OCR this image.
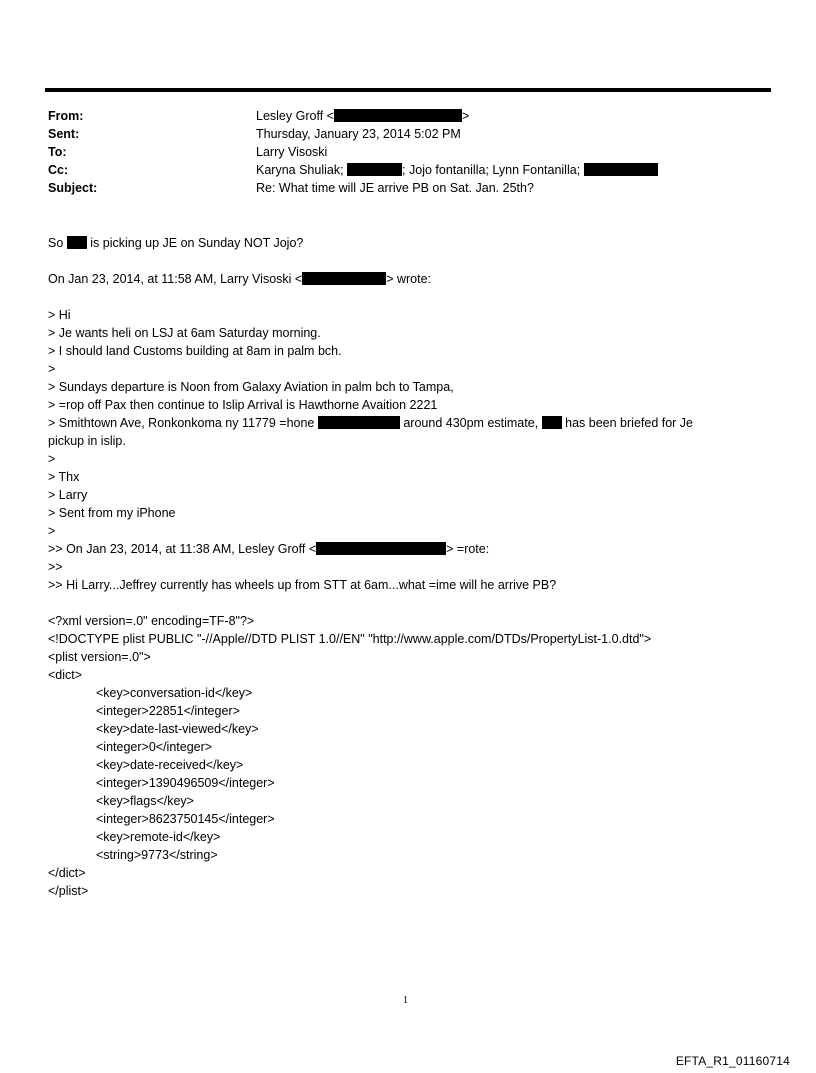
From:	Lesley Groff <	>
Sent:	Thursday, January 23, 2014 5:02 PM
To:	Larry Visoski
Cc:	Karyna Shuliak;	; Jojo fontanilla; Lynn Fontanilla;
Subject:	Re: What time will JE arrive PB on Sat. Jan. 25th?
So is picking up JE on Sunday NOT Jojo?
On Jan 23, 2014, at 11:58 AM, Larry Visoski <	> wrote:
> Hi
> Je wants heli on LSJ at 6am Saturday morning.
> I should land Customs building at 8am in palm bch.
>
> Sundays departure is Noon from Galaxy Aviation in palm bch to Tampa,
> =rop off Pax then continue to Islip Arrival is Hawthorne Avaition 2221
> Smithtown Ave, Ronkonkoma ny 11779 =hone	around 430pm estimate, has been briefed for Je
pickup in islip.
>
> Thx
> Larry
> Sent from my iPhone
>
>> On Jan 23, 2014, at 11:38 AM, Lesley Groff <	> =rote:
>>
>> Hi Larry...Jeffrey currently has wheels up from STT at 6am...what =ime will he arrive PB?
<?xml version=.0" encoding=TF-8"?>
<!DOCTYPE plist PUBLIC "-//Apple//DTD PLIST 1.0//EN" "http://www.apple.com/DTDs/PropertyList-1.0.dtd">
<plist version=.0">
<dict>
<key>conversation-id</key>
<integer>22851</integer>
<key>date-last-viewed</key>
<integer>0</integer>
<key>date-received</key>
<integer>1390496509</integer>
<key>flags</key>
<integer>8623750145</integer>
<key>remote-id</key>
<string>9773</string>
</dict>
</plist>
1
EFTA_R1_01160714
